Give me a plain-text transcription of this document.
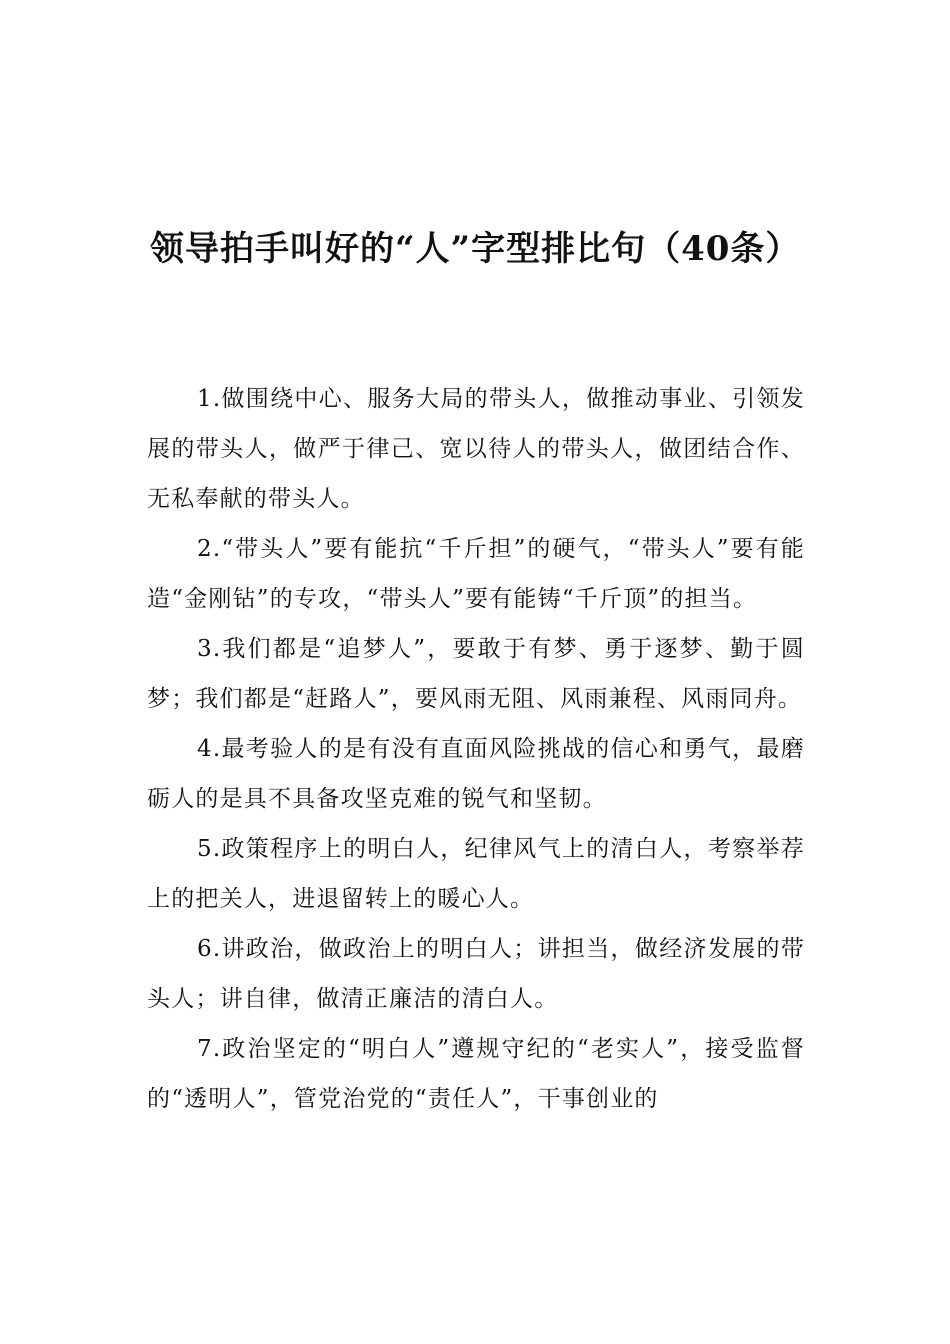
领导拍手叫好的“人”字型排比句（40条）

1.做围绕中心、服务大局的带头人，做推动事业、引领发展的带头人，做严于律己、宽以待人的带头人，做团结合作、无私奉献的带头人。

2.“带头人”要有能抗“千斤担”的硬气，“带头人”要有能造“金刚钻”的专攻，“带头人”要有能铸“千斤顶”的担当。

3.我们都是“追梦人”，要敢于有梦、勇于逐梦、勤于圆梦；我们都是“赶路人”，要风雨无阻、风雨兼程、风雨同舟。

4.最考验人的是有没有直面风险挑战的信心和勇气，最磨砺人的是具不具备攻坚克难的锐气和坚韧。

5.政策程序上的明白人，纪律风气上的清白人，考察举荐上的把关人，进退留转上的暖心人。

6.讲政治，做政治上的明白人；讲担当，做经济发展的带头人；讲自律，做清正廉洁的清白人。

7.政治坚定的“明白人”遵规守纪的“老实人”，接受监督的“透明人”，管党治党的“责任人”，干事创业的
